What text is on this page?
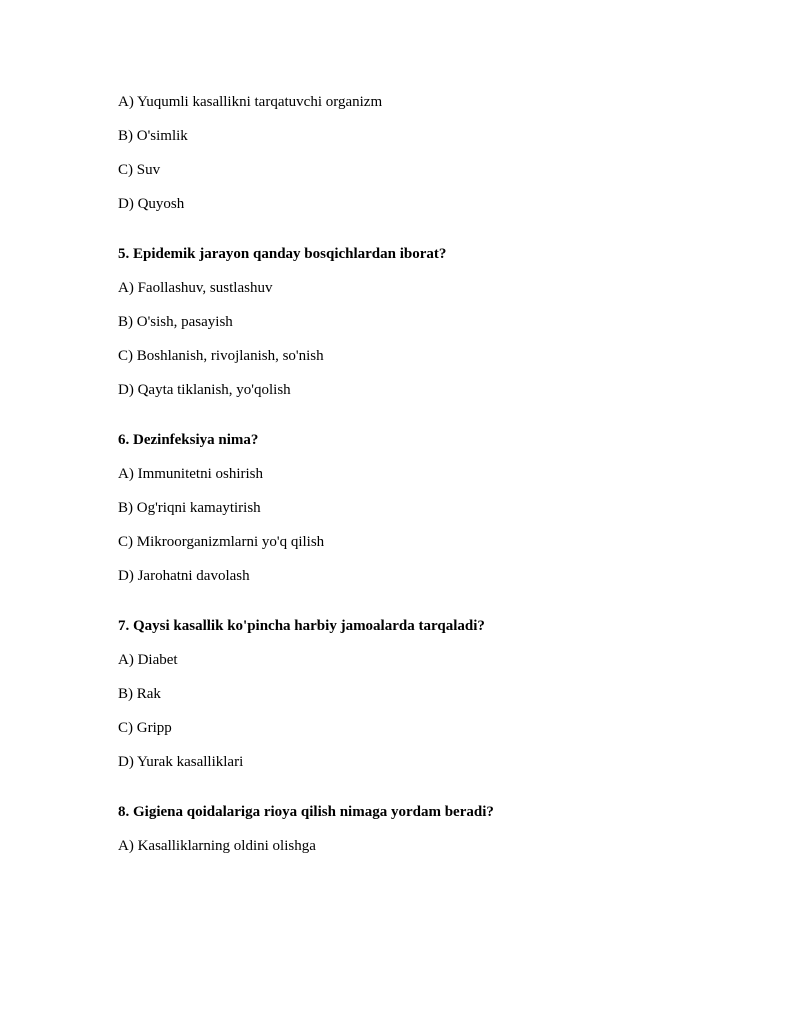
A) Yuqumli kasallikni tarqatuvchi organizm
B) O'simlik
C) Suv
D) Quyosh
5. Epidemik jarayon qanday bosqichlardan iborat?
A) Faollashuv, sustlashuv
B) O'sish, pasayish
C) Boshlanish, rivojlanish, so'nish
D) Qayta tiklanish, yo'qolish
6. Dezinfeksiya nima?
A) Immunitetni oshirish
B) Og'riqni kamaytirish
C) Mikroorganizmlarni yo'q qilish
D) Jarohatni davolash
7. Qaysi kasallik ko'pincha harbiy jamoalarda tarqaladi?
A) Diabet
B) Rak
C) Gripp
D) Yurak kasalliklari
8. Gigiena qoidalariga rioya qilish nimaga yordam beradi?
A) Kasalliklarning oldini olishga
